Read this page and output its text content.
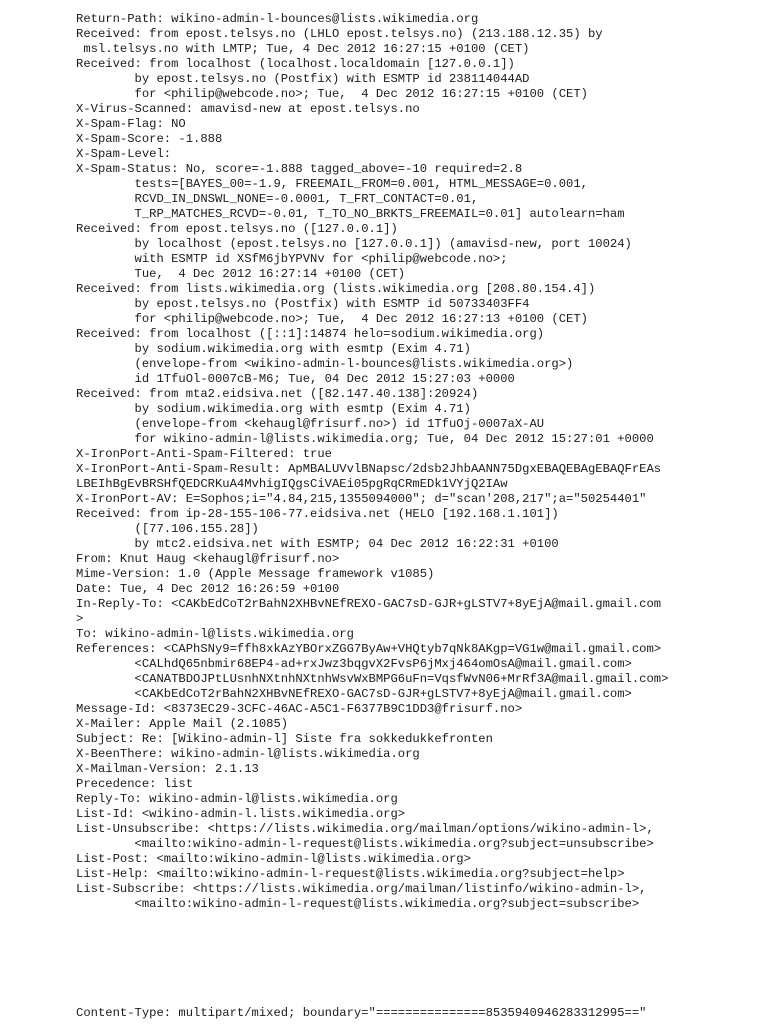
Return-Path: wikino-admin-l-bounces@lists.wikimedia.org
Received: from epost.telsys.no (LHLO epost.telsys.no) (213.188.12.35) by
msl.telsys.no with LMTP; Tue, 4 Dec 2012 16:27:15 +0100 (CET)
Received: from localhost (localhost.localdomain [127.0.0.1])
by epost.telsys.no (Postfix) with ESMTP id 238114044AD
for <philip@webcode.no>; Tue,  4 Dec 2012 16:27:15 +0100 (CET)
X-Virus-Scanned: amavisd-new at epost.telsys.no
X-Spam-Flag: NO
X-Spam-Score: -1.888
X-Spam-Level:
X-Spam-Status: No, score=-1.888 tagged_above=-10 required=2.8
tests=[BAYES_00=-1.9, FREEMAIL_FROM=0.001, HTML_MESSAGE=0.001,
RCVD_IN_DNSWL_NONE=-0.0001, T_FRT_CONTACT=0.01,
T_RP_MATCHES_RCVD=-0.01, T_TO_NO_BRKTS_FREEMAIL=0.01] autolearn=ham
Received: from epost.telsys.no ([127.0.0.1])
by localhost (epost.telsys.no [127.0.0.1]) (amavisd-new, port 10024)
with ESMTP id XSfM6jbYPVNv for <philip@webcode.no>;
Tue,  4 Dec 2012 16:27:14 +0100 (CET)
Received: from lists.wikimedia.org (lists.wikimedia.org [208.80.154.4])
by epost.telsys.no (Postfix) with ESMTP id 50733403FF4
for <philip@webcode.no>; Tue,  4 Dec 2012 16:27:13 +0100 (CET)
Received: from localhost ([::1]:14874 helo=sodium.wikimedia.org)
by sodium.wikimedia.org with esmtp (Exim 4.71)
(envelope-from <wikino-admin-l-bounces@lists.wikimedia.org>)
id 1TfuOl-0007cB-M6; Tue, 04 Dec 2012 15:27:03 +0000
Received: from mta2.eidsiva.net ([82.147.40.138]:20924)
by sodium.wikimedia.org with esmtp (Exim 4.71)
(envelope-from <kehaugl@frisurf.no>) id 1TfuOj-0007aX-AU
for wikino-admin-l@lists.wikimedia.org; Tue, 04 Dec 2012 15:27:01 +0000
X-IronPort-Anti-Spam-Filtered: true
X-IronPort-Anti-Spam-Result: ApMBALUVvlBNapsc/2dsb2JhbAANN75DgxEBAQEBAgEBAQFrEAs
LBEIhBgEvBRSHfQEDCRKuA4MvhigIQgsCiVAEi05pgRqCRmEDk1VYjQ2IAw
X-IronPort-AV: E=Sophos;i="4.84,215,1355094000"; d="scan'208,217";a="50254401"
Received: from ip-28-155-106-77.eidsiva.net (HELO [192.168.1.101])
([77.106.155.28])
by mtc2.eidsiva.net with ESMTP; 04 Dec 2012 16:22:31 +0100
From: Knut Haug <kehaugl@frisurf.no>
Mime-Version: 1.0 (Apple Message framework v1085)
Date: Tue, 4 Dec 2012 16:26:59 +0100
In-Reply-To: <CAKbEdCoT2rBahN2XHBvNEfREXO-GAC7sD-GJR+gLSTV7+8yEjA@mail.gmail.com
>
To: wikino-admin-l@lists.wikimedia.org
References: <CAPhSNy9=ffh8xkAzYBOrxZGG7ByAw+VHQtyb7qNk8AKgp=VG1w@mail.gmail.com>
<CALhdQ65nbmir68EP4-ad+rxJwz3bqgvX2FvsP6jMxj464omOsA@mail.gmail.com>
<CANATBDOJPtLUsnhNXtnhNXtnhWsvWxBMPG6uFn=VqsfWvN06+MrRf3A@mail.gmail.com>
<CAKbEdCoT2rBahN2XHBvNEfREXO-GAC7sD-GJR+gLSTV7+8yEjA@mail.gmail.com>
Message-Id: <8373EC29-3CFC-46AC-A5C1-F6377B9C1DD3@frisurf.no>
X-Mailer: Apple Mail (2.1085)
Subject: Re: [Wikino-admin-l] Siste fra sokkedukkefronten
X-BeenThere: wikino-admin-l@lists.wikimedia.org
X-Mailman-Version: 2.1.13
Precedence: list
Reply-To: wikino-admin-l@lists.wikimedia.org
List-Id: <wikino-admin-l.lists.wikimedia.org>
List-Unsubscribe: <https://lists.wikimedia.org/mailman/options/wikino-admin-l>,
<mailto:wikino-admin-l-request@lists.wikimedia.org?subject=unsubscribe>
List-Post: <mailto:wikino-admin-l@lists.wikimedia.org>
List-Help: <mailto:wikino-admin-l-request@lists.wikimedia.org?subject=help>
List-Subscribe: <https://lists.wikimedia.org/mailman/listinfo/wikino-admin-l>,
<mailto:wikino-admin-l-request@lists.wikimedia.org?subject=subscribe>
Content-Type: multipart/mixed; boundary="===============8535940946283312995=="
